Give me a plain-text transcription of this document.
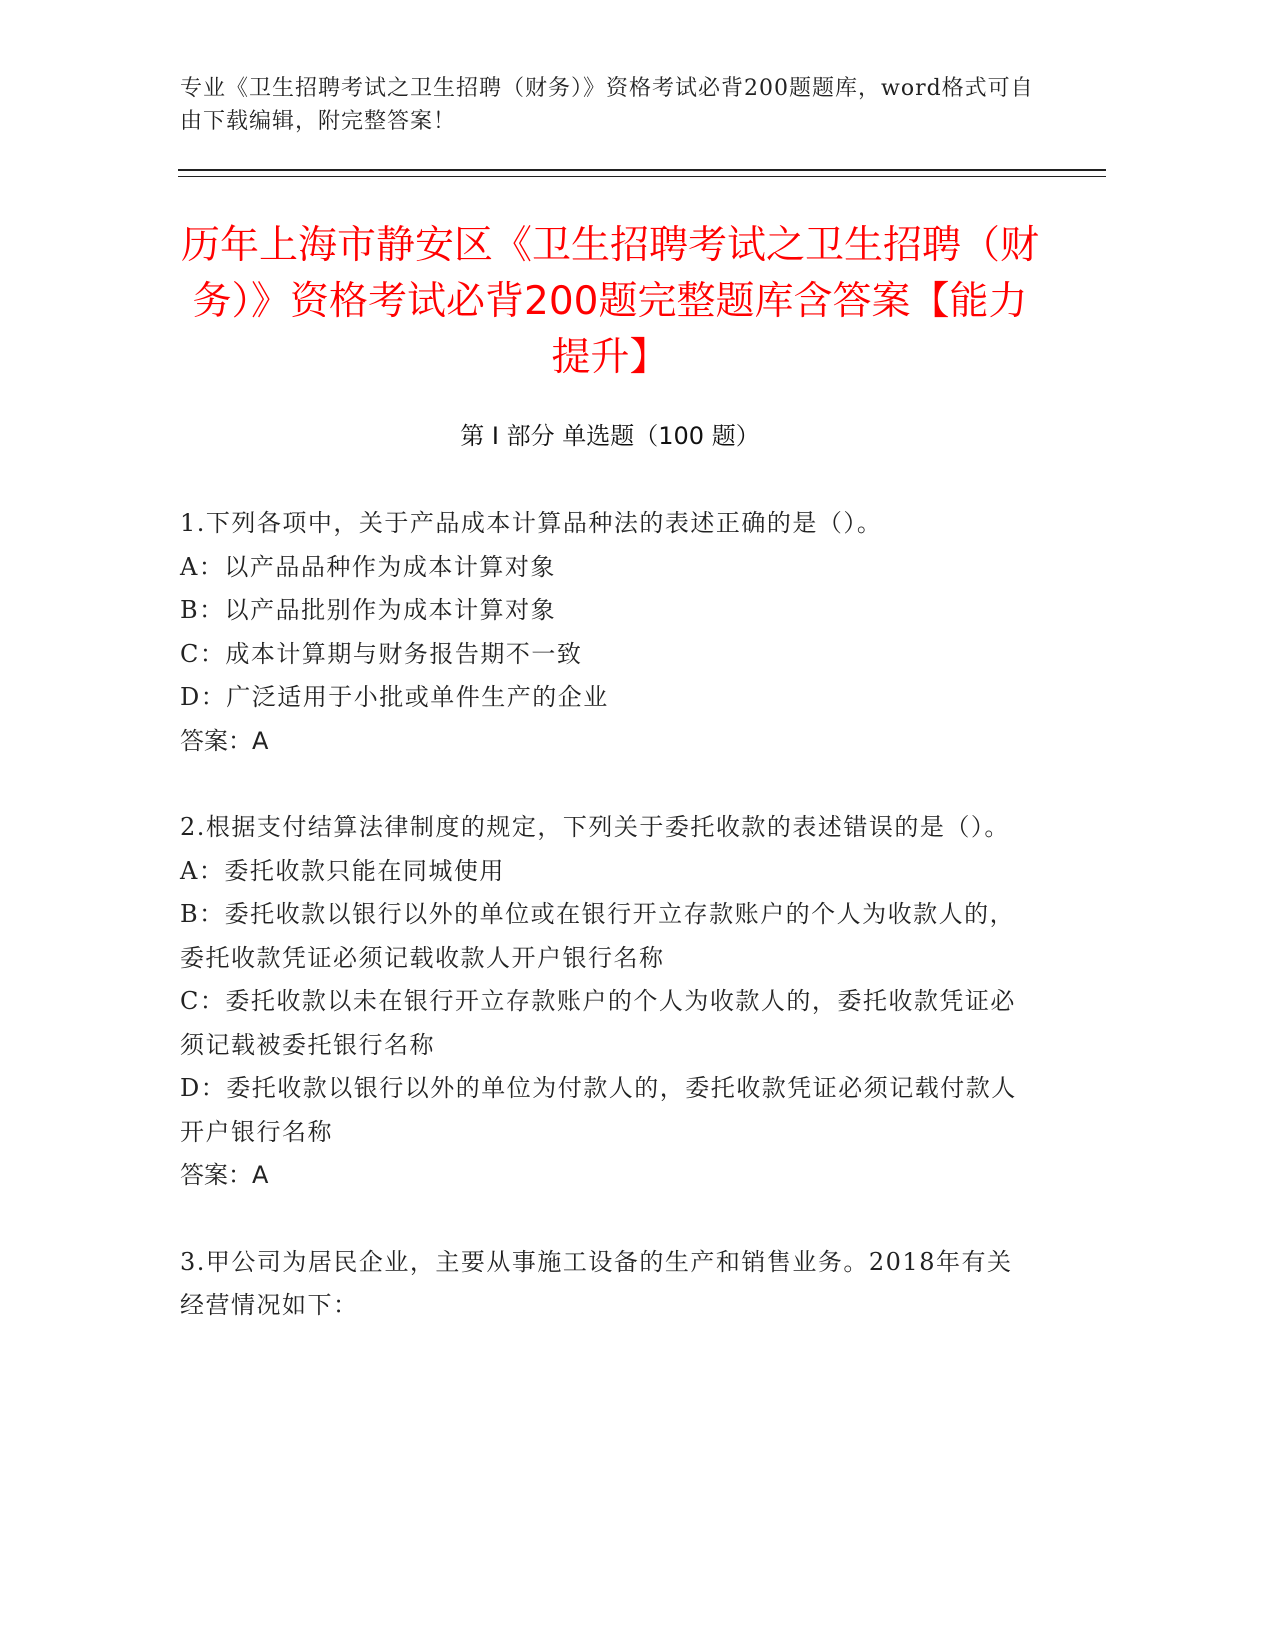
专业《卫生招聘考试之卫生招聘（财务）》资格考试必背200题题库，word格式可自由下载编辑，附完整答案！
历年上海市静安区《卫生招聘考试之卫生招聘（财务）》资格考试必背200题完整题库含答案【能力提升】
第 I 部分 单选题（100 题）

1.下列各项中，关于产品成本计算品种法的表述正确的是（）。

A：以产品品种作为成本计算对象

B：以产品批别作为成本计算对象

C：成本计算期与财务报告期不一致

D：广泛适用于小批或单件生产的企业

答案：A

2.根据支付结算法律制度的规定，下列关于委托收款的表述错误的是（）。

A：委托收款只能在同城使用

B：委托收款以银行以外的单位或在银行开立存款账户的个人为收款人的，委托收款凭证必须记载收款人开户银行名称

C：委托收款以未在银行开立存款账户的个人为收款人的，委托收款凭证必须记载被委托银行名称

D：委托收款以银行以外的单位为付款人的，委托收款凭证必须记载付款人开户银行名称

答案：A

3.甲公司为居民企业，主要从事施工设备的生产和销售业务。2018年有关经营情况如下：
